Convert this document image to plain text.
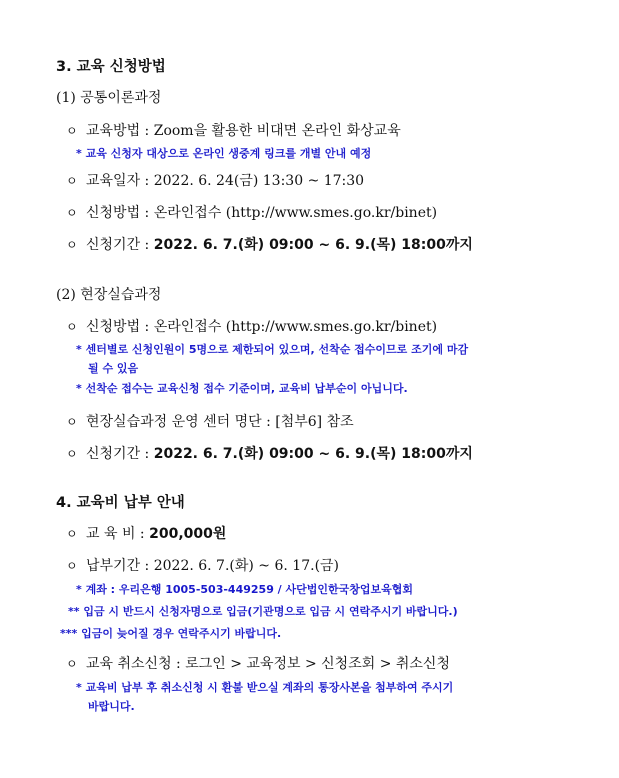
3. 교육 신청방법
(1) 공통이론과정
ㅇ 교육방법 : Zoom을 활용한 비대면 온라인 화상교육
* 교육 신청자 대상으로 온라인 생중계 링크를 개별 안내 예정
ㅇ 교육일자 : 2022. 6. 24(금) 13:30 ~ 17:30
ㅇ 신청방법 : 온라인접수 (http://www.smes.go.kr/binet)
ㅇ 신청기간 : 2022. 6. 7.(화) 09:00 ~ 6. 9.(목) 18:00까지
(2) 현장실습과정
ㅇ 신청방법 : 온라인접수 (http://www.smes.go.kr/binet)
* 센터별로 신청인원이 5명으로 제한되어 있으며, 선착순 접수이므로 조기에 마감
될 수 있음
* 선착순 접수는 교육신청 접수 기준이며, 교육비 납부순이 아닙니다.
ㅇ 현장실습과정 운영 센터 명단 : [첨부6] 참조
ㅇ 신청기간 : 2022. 6. 7.(화) 09:00 ~ 6. 9.(목) 18:00까지
4. 교육비 납부 안내
ㅇ 교 육 비 : 200,000원
ㅇ 납부기간 : 2022. 6. 7.(화) ~ 6. 17.(금)
* 계좌 : 우리은행 1005-503-449259 / 사단법인한국창업보육협회
** 입금 시 반드시 신청자명으로 입금(기관명으로 입금 시 연락주시기 바랍니다.)
*** 입금이 늦어질 경우 연락주시기 바랍니다.
ㅇ 교육 취소신청 : 로그인 > 교육정보 > 신청조회 > 취소신청
* 교육비 납부 후 취소신청 시 환불 받으실 계좌의 통장사본을 첨부하여 주시기
바랍니다.
